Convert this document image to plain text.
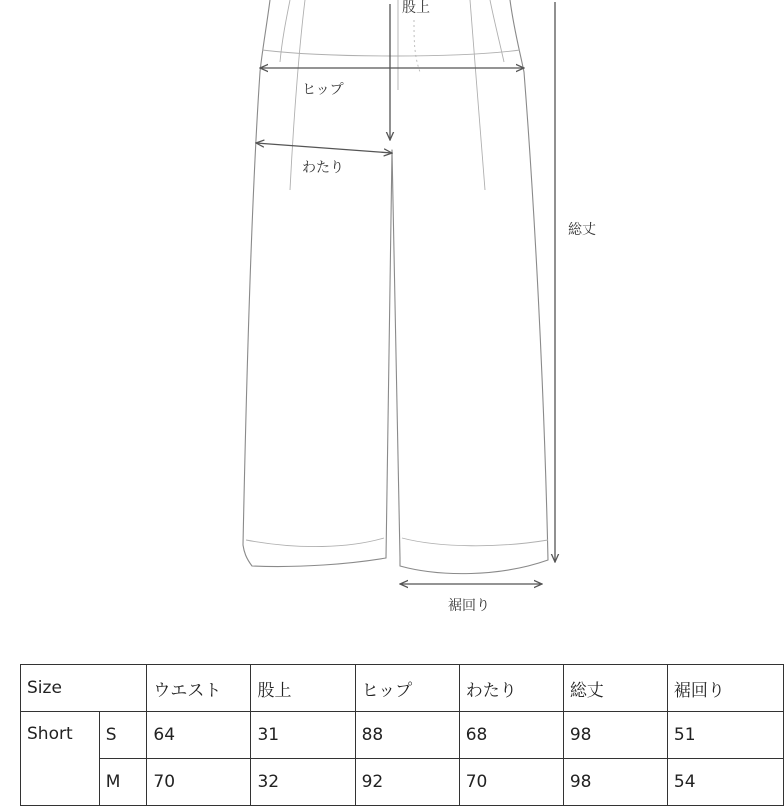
股上
ヒップ
わたり
総丈
裾回り
Size		ウエスト	股上	ヒップ	わたり	総丈	裾回り
Short	S	64	31	88	68	98	51
	M	70	32	92	70	98	54
